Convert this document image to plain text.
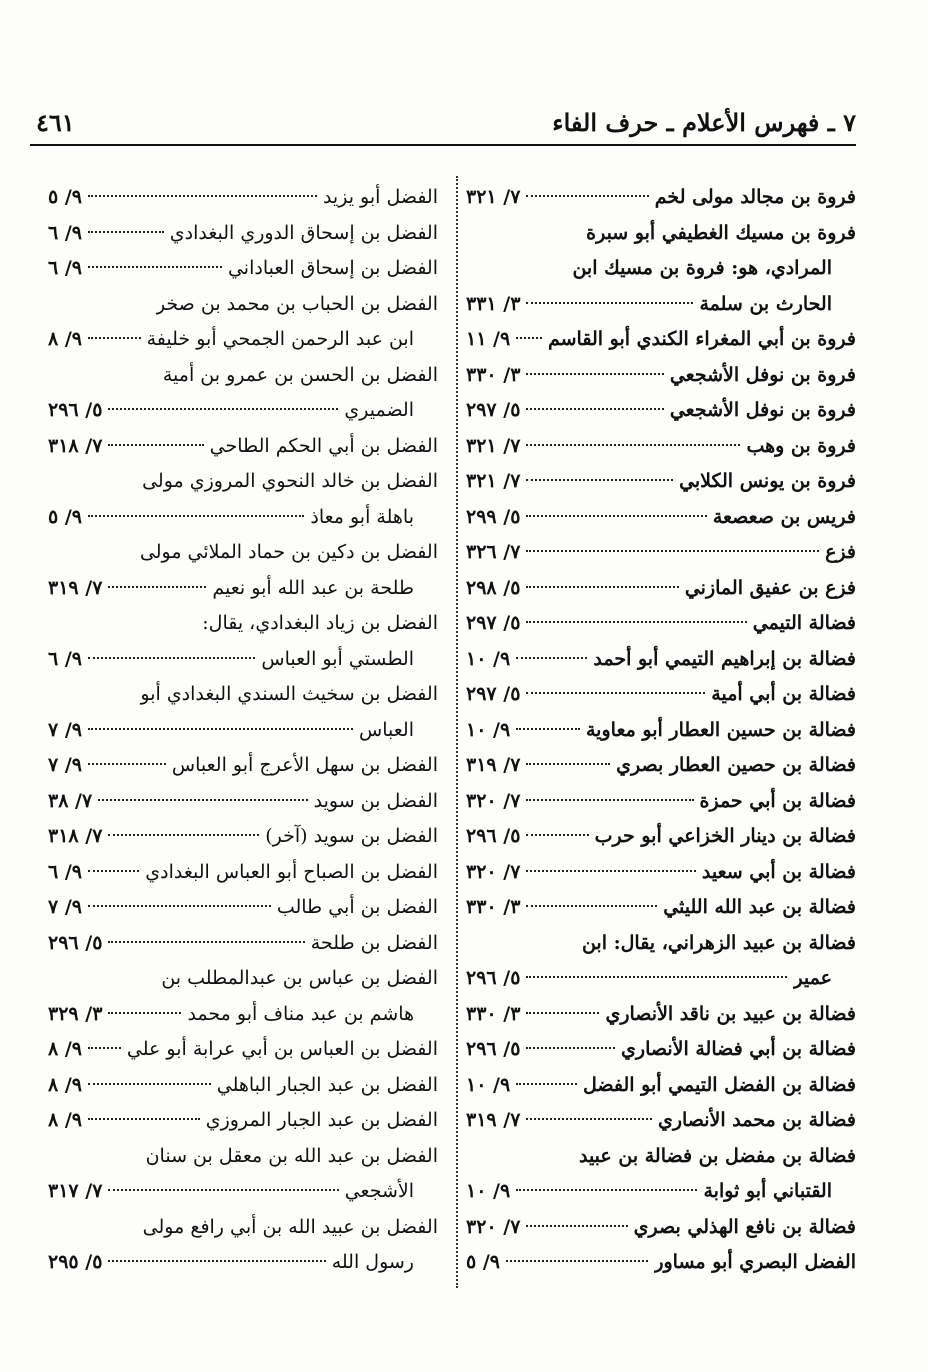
٧ ـ فهرس الأعلام ـ حرف الفاء
٤٦١
فروة بن مجالد مولى لخم
٧/ ٣٢١
فروة بن مسيك الغطيفي أبو سبرة
المرادي، هو: فروة بن مسيك ابن
الحارث بن سلمة
٣/ ٣٣١
فروة بن أبي المغراء الكندي أبو القاسم
٩/ ١١
فروة بن نوفل الأشجعي
٣/ ٣٣٠
فروة بن نوفل الأشجعي
٥/ ٢٩٧
فروة بن وهب
٧/ ٣٢١
فروة بن يونس الكلابي
٧/ ٣٢١
فريس بن صعصعة
٥/ ٢٩٩
فزع
٧/ ٣٢٦
فزع بن عفيق المازني
٥/ ٢٩٨
فضالة التيمي
٥/ ٢٩٧
فضالة بن إبراهيم التيمي أبو أحمد
٩/ ١٠
فضالة بن أبي أمية
٥/ ٢٩٧
فضالة بن حسين العطار أبو معاوية
٩/ ١٠
فضالة بن حصين العطار بصري
٧/ ٣١٩
فضالة بن أبي حمزة
٧/ ٣٢٠
فضالة بن دينار الخزاعي أبو حرب
٥/ ٢٩٦
فضالة بن أبي سعيد
٧/ ٣٢٠
فضالة بن عبد الله الليثي
٣/ ٣٣٠
فضالة بن عبيد الزهراني، يقال: ابن
عمير
٥/ ٢٩٦
فضالة بن عبيد بن ناقد الأنصاري
٣/ ٣٣٠
فضالة بن أبي فضالة الأنصاري
٥/ ٢٩٦
فضالة بن الفضل التيمي أبو الفضل
٩/ ١٠
فضالة بن محمد الأنصاري
٧/ ٣١٩
فضالة بن مفضل بن فضالة بن عبيد
القتباني أبو ثوابة
٩/ ١٠
فضالة بن نافع الهذلي بصري
٧/ ٣٢٠
الفضل البصري أبو مساور
٩/ ٥
الفضل أبو يزيد
٩/ ٥
الفضل بن إسحاق الدوري البغدادي
٩/ ٦
الفضل بن إسحاق العباداني
٩/ ٦
الفضل بن الحباب بن محمد بن صخر
ابن عبد الرحمن الجمحي أبو خليفة
٩/ ٨
الفضل بن الحسن بن عمرو بن أمية
الضميري
٥/ ٢٩٦
الفضل بن أبي الحكم الطاحي
٧/ ٣١٨
الفضل بن خالد النحوي المروزي مولى
باهلة أبو معاذ
٩/ ٥
الفضل بن دكين بن حماد الملائي مولى
طلحة بن عبد الله أبو نعيم
٧/ ٣١٩
الفضل بن زياد البغدادي، يقال:
الطستي أبو العباس
٩/ ٦
الفضل بن سخيث السندي البغدادي أبو
العباس
٩/ ٧
الفضل بن سهل الأعرج أبو العباس
٩/ ٧
الفضل بن سويد
٧/ ٣٨
الفضل بن سويد (آخر)
٧/ ٣١٨
الفضل بن الصباح أبو العباس البغدادي
٩/ ٦
الفضل بن أبي طالب
٩/ ٧
الفضل بن طلحة
٥/ ٢٩٦
الفضل بن عباس بن عبدالمطلب بن
هاشم بن عبد مناف أبو محمد
٣/ ٣٢٩
الفضل بن العباس بن أبي عرابة أبو علي
٩/ ٨
الفضل بن عبد الجبار الباهلي
٩/ ٨
الفضل بن عبد الجبار المروزي
٩/ ٨
الفضل بن عبد الله بن معقل بن سنان
الأشجعي
٧/ ٣١٧
الفضل بن عبيد الله بن أبي رافع مولى
رسول الله
٥/ ٢٩٥
